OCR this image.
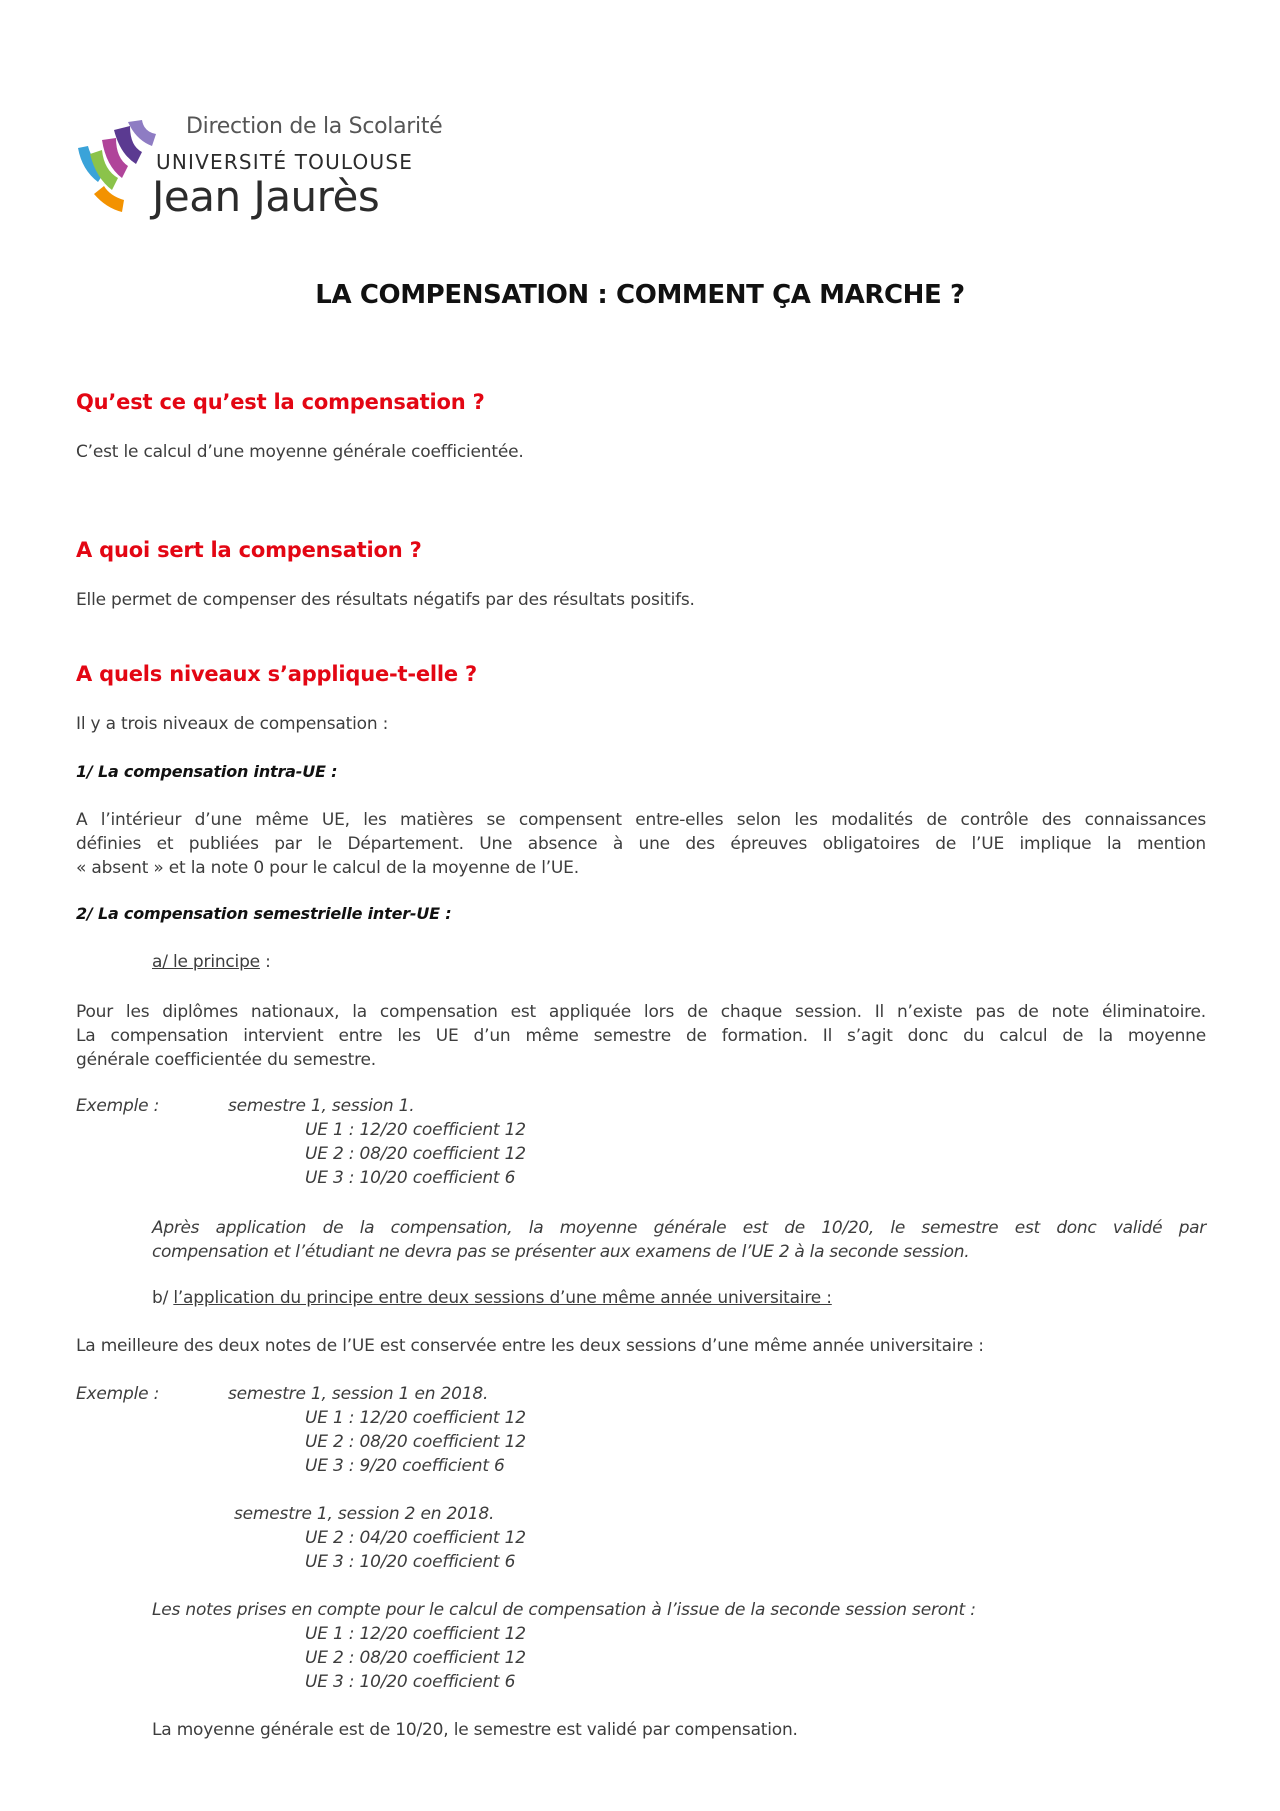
Direction de la Scolarité
UNIVERSITÉ TOULOUSE
Jean Jaurès
LA COMPENSATION : COMMENT ÇA MARCHE ?
Qu’est ce qu’est la compensation ?
C’est le calcul d’une moyenne générale coefficientée.
A quoi sert la compensation ?
Elle permet de compenser des résultats négatifs par des résultats positifs.
A quels niveaux s’applique-t-elle ?
Il y a trois niveaux de compensation :
1/ La compensation intra-UE :
A l’intérieur d’une même UE, les matières se compensent entre-elles selon les modalités de contrôle des connaissances
définies et publiées par le Département. Une absence à une des épreuves obligatoires de l’UE implique la mention
« absent » et la note 0 pour le calcul de la moyenne de l’UE.
2/ La compensation semestrielle inter-UE :
a/ le principe :
Pour les diplômes nationaux, la compensation est appliquée lors de chaque session. Il n’existe pas de note éliminatoire.
La compensation intervient entre les UE d’un même semestre de formation. Il s’agit donc du calcul de la moyenne
générale coefficientée du semestre.
Exemple :	semestre 1, session 1.
UE 1 : 12/20 coefficient 12
UE 2 : 08/20 coefficient 12
UE 3 : 10/20 coefficient 6
Après application de la compensation, la moyenne générale est de 10/20, le semestre est donc validé par
compensation et l’étudiant ne devra pas se présenter aux examens de l’UE 2 à la seconde session.
b/ l’application du principe entre deux sessions d’une même année universitaire :
La meilleure des deux notes de l’UE est conservée entre les deux sessions d’une même année universitaire :
Exemple :	semestre 1, session 1 en 2018.
UE 1 : 12/20 coefficient 12
UE 2 : 08/20 coefficient 12
UE 3 : 9/20 coefficient 6
semestre 1, session 2 en 2018.
UE 2 : 04/20 coefficient 12
UE 3 : 10/20 coefficient 6
Les notes prises en compte pour le calcul de compensation à l’issue de la seconde session seront :
UE 1 : 12/20 coefficient 12
UE 2 : 08/20 coefficient 12
UE 3 : 10/20 coefficient 6
La moyenne générale est de 10/20, le semestre est validé par compensation.
